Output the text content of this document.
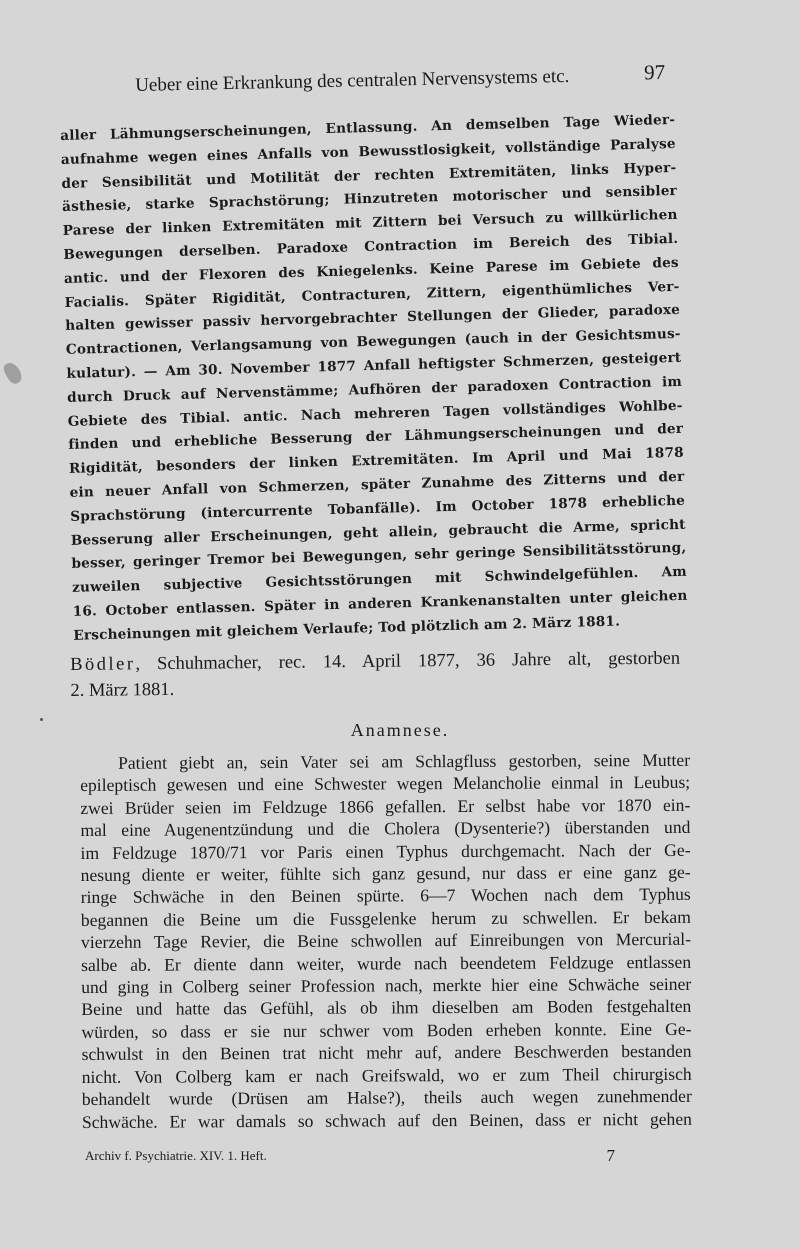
Ueber eine Erkrankung des centralen Nervensystems etc.	97
aller Lähmungserscheinungen, Entlassung. An demselben Tage Wieder-
aufnahme wegen eines Anfalls von Bewusstlosigkeit, vollständige Paralyse
der Sensibilität und Motilität der rechten Extremitäten, links Hyper-
ästhesie, starke Sprachstörung; Hinzutreten motorischer und sensibler
Parese der linken Extremitäten mit Zittern bei Versuch zu willkürlichen
Bewegungen derselben. Paradoxe Contraction im Bereich des Tibial.
antic. und der Flexoren des Kniegelenks. Keine Parese im Gebiete des
Facialis. Später Rigidität, Contracturen, Zittern, eigenthümliches Ver-
halten gewisser passiv hervorgebrachter Stellungen der Glieder, paradoxe
Contractionen, Verlangsamung von Bewegungen (auch in der Gesichtsmus-
kulatur). — Am 30. November 1877 Anfall heftigster Schmerzen, gesteigert
durch Druck auf Nervenstämme; Aufhören der paradoxen Contraction im
Gebiete des Tibial. antic. Nach mehreren Tagen vollständiges Wohlbe-
finden und erhebliche Besserung der Lähmungserscheinungen und der
Rigidität, besonders der linken Extremitäten. Im April und Mai 1878
ein neuer Anfall von Schmerzen, später Zunahme des Zitterns und der
Sprachstörung (intercurrente Tobanfälle). Im October 1878 erhebliche
Besserung aller Erscheinungen, geht allein, gebraucht die Arme, spricht
besser, geringer Tremor bei Bewegungen, sehr geringe Sensibilitätsstörung,
zuweilen subjective Gesichtsstörungen mit Schwindelgefühlen. Am
16. October entlassen. Später in anderen Krankenanstalten unter gleichen
Erscheinungen mit gleichem Verlaufe; Tod plötzlich am 2. März 1881.
Bödler, Schuhmacher, rec. 14. April 1877, 36 Jahre alt, gestorben
2. März 1881.
Anamnese.
Patient giebt an, sein Vater sei am Schlagfluss gestorben, seine Mutter
epileptisch gewesen und eine Schwester wegen Melancholie einmal in Leubus;
zwei Brüder seien im Feldzuge 1866 gefallen. Er selbst habe vor 1870 ein-
mal eine Augenentzündung und die Cholera (Dysenterie?) überstanden und
im Feldzuge 1870/71 vor Paris einen Typhus durchgemacht. Nach der Ge-
nesung diente er weiter, fühlte sich ganz gesund, nur dass er eine ganz ge-
ringe Schwäche in den Beinen spürte. 6—7 Wochen nach dem Typhus
begannen die Beine um die Fussgelenke herum zu schwellen. Er bekam
vierzehn Tage Revier, die Beine schwollen auf Einreibungen von Mercurial-
salbe ab. Er diente dann weiter, wurde nach beendetem Feldzuge entlassen
und ging in Colberg seiner Profession nach, merkte hier eine Schwäche seiner
Beine und hatte das Gefühl, als ob ihm dieselben am Boden festgehalten
würden, so dass er sie nur schwer vom Boden erheben konnte. Eine Ge-
schwulst in den Beinen trat nicht mehr auf, andere Beschwerden bestanden
nicht. Von Colberg kam er nach Greifswald, wo er zum Theil chirurgisch
behandelt wurde (Drüsen am Halse?), theils auch wegen zunehmender
Schwäche. Er war damals so schwach auf den Beinen, dass er nicht gehen
Archiv f. Psychiatrie. XIV. 1. Heft.	7
